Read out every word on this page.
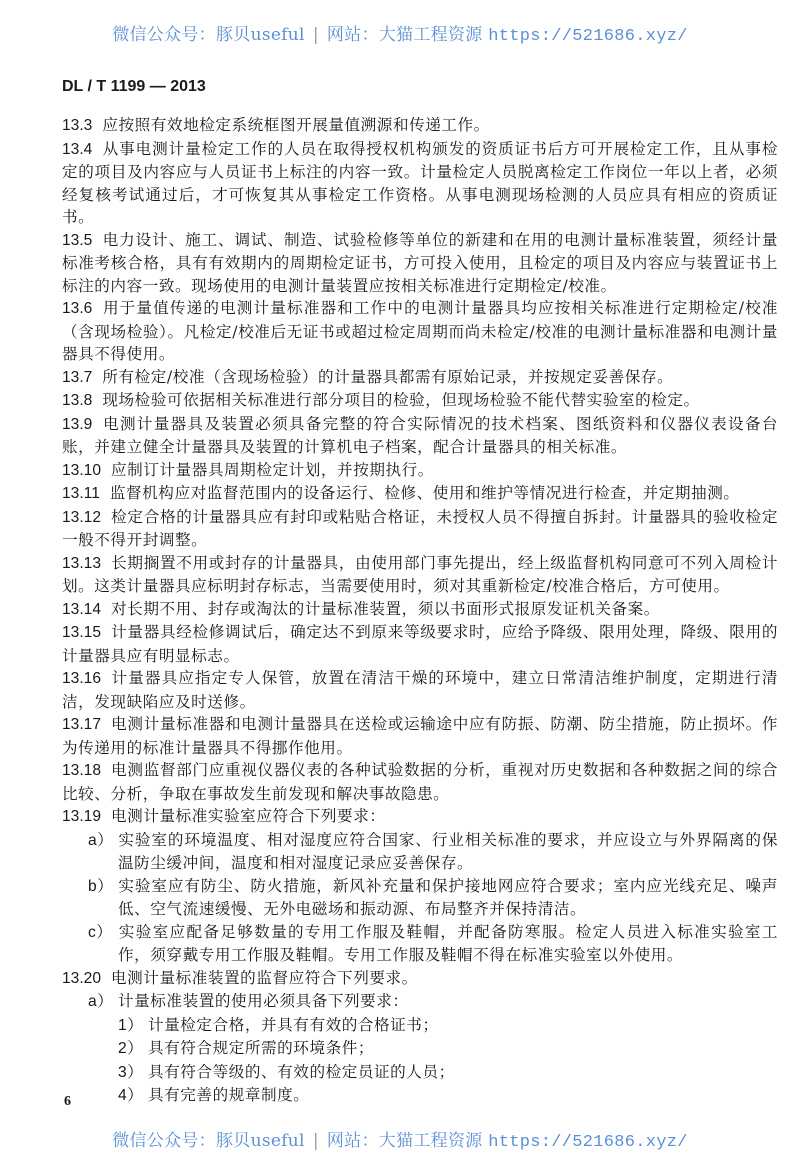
微信公众号：豚贝useful | 网站：大猫工程资源 https://521686.xyz/
DL / T 1199 — 2013
13.3 应按照有效地检定系统框图开展量值溯源和传递工作。
13.4 从事电测计量检定工作的人员在取得授权机构颁发的资质证书后方可开展检定工作，且从事检定的项目及内容应与人员证书上标注的内容一致。计量检定人员脱离检定工作岗位一年以上者，必须经复核考试通过后，才可恢复其从事检定工作资格。从事电测现场检测的人员应具有相应的资质证书。
13.5 电力设计、施工、调试、制造、试验检修等单位的新建和在用的电测计量标准装置，须经计量标准考核合格，具有有效期内的周期检定证书，方可投入使用，且检定的项目及内容应与装置证书上标注的内容一致。现场使用的电测计量装置应按相关标准进行定期检定/校准。
13.6 用于量值传递的电测计量标准器和工作中的电测计量器具均应按相关标准进行定期检定/校准（含现场检验）。凡检定/校准后无证书或超过检定周期而尚未检定/校准的电测计量标准器和电测计量器具不得使用。
13.7 所有检定/校准（含现场检验）的计量器具都需有原始记录，并按规定妥善保存。
13.8 现场检验可依据相关标准进行部分项目的检验，但现场检验不能代替实验室的检定。
13.9 电测计量器具及装置必须具备完整的符合实际情况的技术档案、图纸资料和仪器仪表设备台账，并建立健全计量器具及装置的计算机电子档案，配合计量器具的相关标准。
13.10 应制订计量器具周期检定计划，并按期执行。
13.11 监督机构应对监督范围内的设备运行、检修、使用和维护等情况进行检查，并定期抽测。
13.12 检定合格的计量器具应有封印或粘贴合格证，未授权人员不得擅自拆封。计量器具的验收检定一般不得开封调整。
13.13 长期搁置不用或封存的计量器具，由使用部门事先提出，经上级监督机构同意可不列入周检计划。这类计量器具应标明封存标志，当需要使用时，须对其重新检定/校准合格后，方可使用。
13.14 对长期不用、封存或淘汰的计量标准装置，须以书面形式报原发证机关备案。
13.15 计量器具经检修调试后，确定达不到原来等级要求时，应给予降级、限用处理，降级、限用的计量器具应有明显标志。
13.16 计量器具应指定专人保管，放置在清洁干燥的环境中，建立日常清洁维护制度，定期进行清洁，发现缺陷应及时送修。
13.17 电测计量标准器和电测计量器具在送检或运输途中应有防振、防潮、防尘措施，防止损坏。作为传递用的标准计量器具不得挪作他用。
13.18 电测监督部门应重视仪器仪表的各种试验数据的分析，重视对历史数据和各种数据之间的综合比较、分析，争取在事故发生前发现和解决事故隐患。
13.19 电测计量标准实验室应符合下列要求：
a） 实验室的环境温度、相对湿度应符合国家、行业相关标准的要求，并应设立与外界隔离的保温防尘缓冲间，温度和相对湿度记录应妥善保存。
b） 实验室应有防尘、防火措施，新风补充量和保护接地网应符合要求；室内应光线充足、噪声低、空气流速缓慢、无外电磁场和振动源、布局整齐并保持清洁。
c） 实验室应配备足够数量的专用工作服及鞋帽，并配备防寒服。检定人员进入标准实验室工作，须穿戴专用工作服及鞋帽。专用工作服及鞋帽不得在标准实验室以外使用。
13.20 电测计量标准装置的监督应符合下列要求。
a） 计量标准装置的使用必须具备下列要求：
1） 计量检定合格，并具有有效的合格证书；
2） 具有符合规定所需的环境条件；
3） 具有符合等级的、有效的检定员证的人员；
4） 具有完善的规章制度。
6
微信公众号：豚贝useful | 网站：大猫工程资源 https://521686.xyz/
